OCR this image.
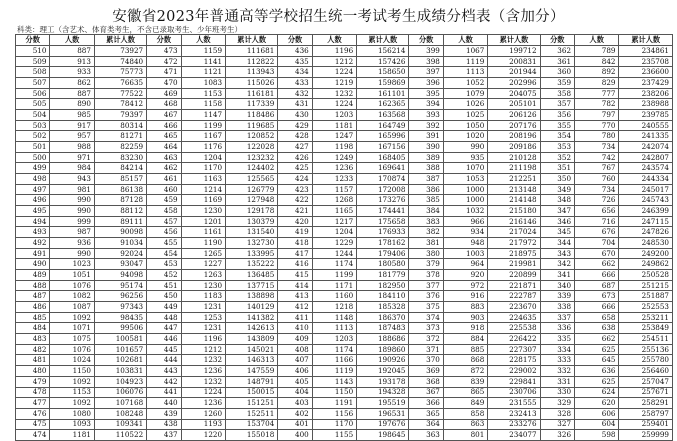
安徽省2023年普通高等学校招生统一考试考生成绩分档表（含加分）
科类：理工（含艺术、体育类考生，不含已录取考生、少年班考生）
分数	人数	累计人数	分数	人数	累计人数	分数	人数	累计人数	分数	人数	累计人数	分数	人数	累计人数
510	887	73927	473	1159	111681	436	1196	156214	399	1067	199712	362	789	234861
509	913	74840	472	1141	112822	435	1212	157426	398	1119	200831	361	842	235708
508	933	75773	471	1121	113943	434	1224	158650	397	1113	201944	360	892	236600
507	862	76635	470	1083	115026	433	1219	159869	396	1052	202996	359	829	237429
506	887	77522	469	1153	116181	432	1232	161101	395	1079	204075	358	777	238206
505	890	78412	468	1158	117339	431	1224	162365	394	1026	205101	357	782	238988
504	985	79397	467	1147	118486	430	1203	163568	393	1025	206126	356	797	239785
503	917	80314	466	1199	119685	429	1181	164749	392	1050	207176	355	770	240555
502	957	81271	465	1167	120852	428	1247	165996	391	1020	208196	354	780	241335
501	988	82259	464	1176	122028	427	1198	167156	390	990	209186	353	734	242074
500	971	83230	463	1204	123232	426	1249	168405	389	935	210128	352	742	242807
499	984	84214	462	1170	124402	425	1236	169641	388	1070	211198	351	767	243574
498	943	85157	461	1163	125565	424	1233	170874	387	1053	212251	350	760	244334
497	981	86138	460	1214	126779	423	1157	172008	386	1000	213148	349	734	245017
496	990	87128	459	1169	127948	422	1268	173276	385	1000	214148	348	726	245743
495	990	88112	458	1230	129178	421	1165	174441	384	1032	215180	347	656	246399
494	999	89111	457	1201	130379	420	1217	175658	383	966	216146	346	716	247115
493	987	90098	456	1161	131540	419	1204	176933	382	934	217024	345	676	247826
492	936	91034	455	1190	132730	418	1229	178162	381	948	217972	344	704	248530
491	990	92024	454	1265	133995	417	1244	179406	380	1003	218975	343	670	249200
490	1023	93047	453	1227	135222	416	1174	180580	379	964	219981	342	662	249862
489	1051	94098	452	1263	136485	415	1199	181779	378	920	220899	341	666	250528
488	1076	95174	451	1230	137715	414	1171	182950	377	972	221871	340	687	251215
487	1082	96256	450	1183	138898	413	1160	184110	376	916	222787	339	673	251887
486	1087	97343	449	1231	140129	412	1218	185328	375	883	223670	338	666	252553
485	1092	98435	448	1253	141382	411	1148	186370	374	903	224635	337	658	253211
484	1071	99506	447	1231	142613	410	1113	187483	373	918	225538	336	638	253849
483	1075	100581	446	1196	143809	409	1203	188686	372	884	226422	335	662	254511
482	1076	101657	445	1212	145021	408	1174	189860	371	885	227307	334	625	255136
481	1024	102681	444	1232	146313	407	1166	190926	370	868	228175	333	645	255780
480	1150	103831	443	1236	147559	406	1119	192045	369	872	229002	332	636	256460
479	1092	104923	442	1232	148791	405	1143	193178	368	839	229841	331	625	257047
478	1153	106076	441	1224	150015	404	1150	194328	367	865	230706	330	624	257671
477	1092	107168	440	1236	151251	403	1191	195519	366	849	231555	329	620	258291
476	1080	108248	439	1260	152511	402	1156	196531	365	858	232413	328	606	258797
475	1093	109341	438	1193	153704	401	1170	197676	364	863	233276	327	604	259401
474	1181	110522	437	1220	155018	400	1155	198645	363	801	234077	326	598	259999
